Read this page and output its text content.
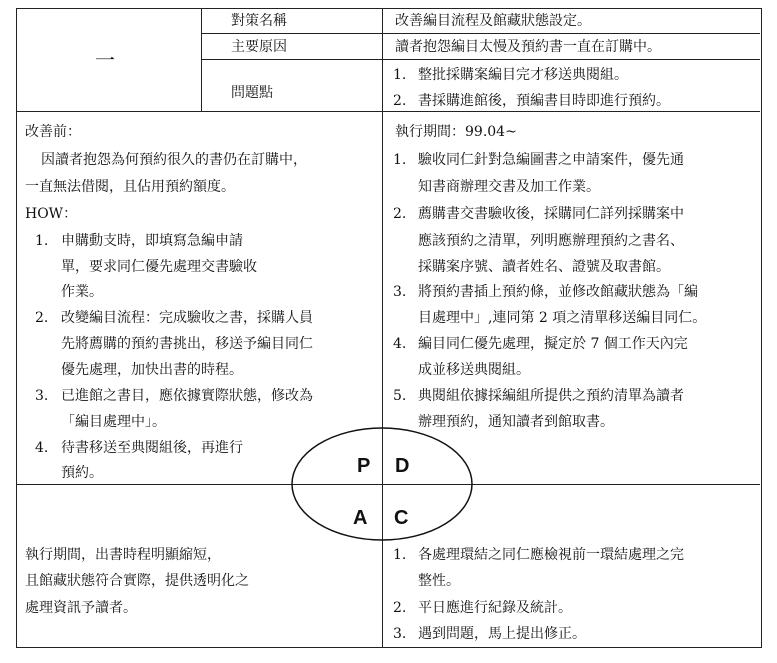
一
對策名稱	改善編目流程及館藏狀態設定。
主要原因	讀者抱怨編目太慢及預約書一直在訂購中。
問題點
1. 整批採購案編目完才移送典閱組。
2. 書採購進館後，預編書目時即進行預約。
改善前：
因讀者抱怨為何預約很久的書仍在訂購中，
一直無法借閱，且佔用預約額度。
HOW：
1. 申購動支時，即填寫急編申請
單，要求同仁優先處理交書驗收
作業。
2. 改變編目流程：完成驗收之書，採購人員
先將薦購的預約書挑出，移送予編目同仁
優先處理，加快出書的時程。
3. 已進館之書目，應依據實際狀態，修改為
「編目處理中」。
4. 待書移送至典閱組後，再進行
預約。
執行期間：99.04~
1. 驗收同仁針對急編圖書之申請案件，優先通
知書商辦理交書及加工作業。
2. 薦購書交書驗收後，採購同仁詳列採購案中
應該預約之清單，列明應辦理預約之書名、
採購案序號、讀者姓名、證號及取書館。
3. 將預約書插上預約條，並修改館藏狀態為「編
目處理中」,連同第 2 項之清單移送編目同仁。
4. 編目同仁優先處理，擬定於 7 個工作天內完
成並移送典閱組。
5. 典閱組依據採編組所提供之預約清單為讀者
辦理預約，通知讀者到館取書。
執行期間，出書時程明顯縮短，
且館藏狀態符合實際，提供透明化之
處理資訊予讀者。
1. 各處理環結之同仁應檢視前一環結處理之完
整性。
2. 平日應進行紀錄及統計。
3. 遇到問題，馬上提出修正。
P D
A C
